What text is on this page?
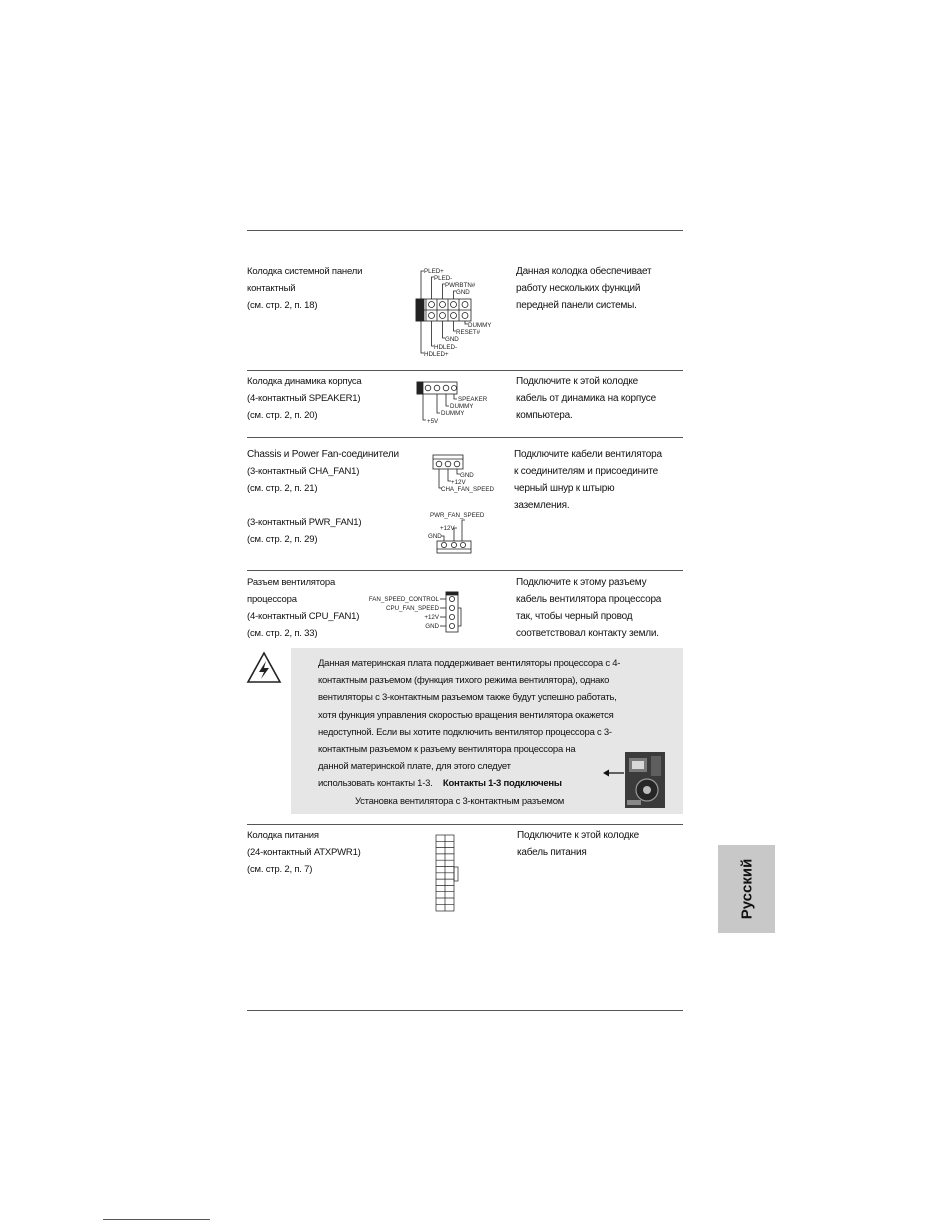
Колодка системной панели
контактный
(см. стр. 2, п. 18)
Данная колодка обеспечивает
работу нескольких функций
передней панели системы.
PLED+
PLED-
PWRBTN#
GND
DUMMY
RESET#
GND
HDLED-
HDLED+
Колодка динамика корпуса
(4-контактный SPEAKER1)
(см. стр. 2, п. 20)
Подключите к этой колодке
кабель от динамика на корпусе
компьютера.
SPEAKER
DUMMY
DUMMY
+5V
Chassis и Power Fan-соединители
(3-контактный CHA_FAN1)
(см. стр. 2, п. 21)
(3-контактный PWR_FAN1)
(см. стр. 2, п. 29)
Подключите кабели вентилятора
к соединителям и присоедините
черный шнур к штырю
заземления.
GND
+12V
CHA_FAN_SPEED
PWR_FAN_SPEED
+12V
GND
Разъем вентилятора
процессора
(4-контактный CPU_FAN1)
(см. стр. 2, п. 33)
Подключите к этому разъему
кабель вентилятора процессора
так, чтобы черный провод
соответствовал контакту земли.
FAN_SPEED_CONTROL
CPU_FAN_SPEED
+12V
GND
Данная материнская плата поддерживает вентиляторы процессора с 4-
контактным разъемом (функция тихого режима вентилятора), однако
вентиляторы с 3-контактным разъемом также будут успешно работать,
хотя функция управления скоростью вращения вентилятора окажется
недоступной. Если вы хотите подключить вентилятор процессора с 3-
контактным разъемом к разъему вентилятора процессора на
данной материнской плате, для этого следует
использовать контакты 1-3. Контакты 1-3 подключены
Установка вентилятора с 3-контактным разъемом
Колодка питания
(24-контактный ATXPWR1)
(см. стр. 2, п. 7)
Подключите к этой колодке
кабель питания
Русский
